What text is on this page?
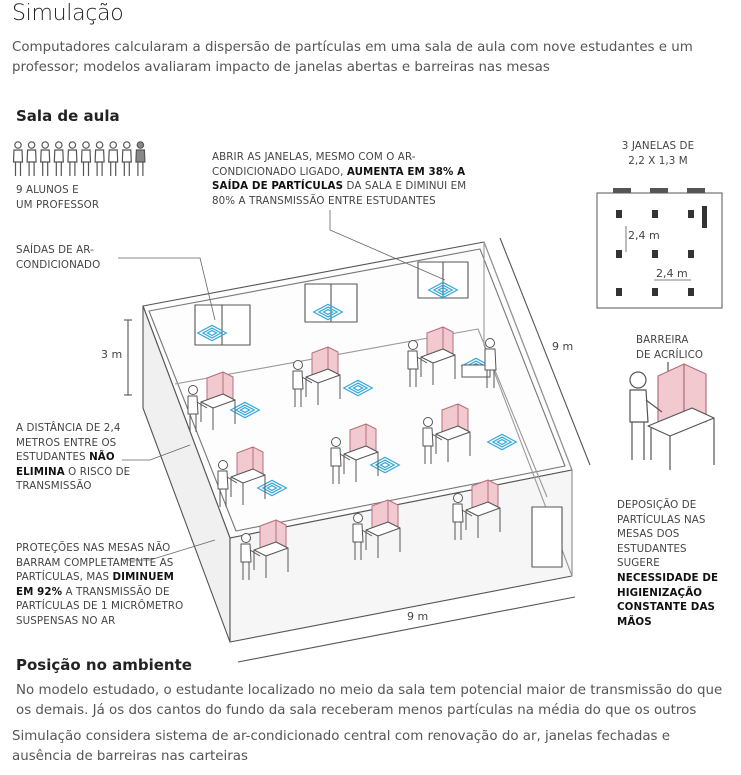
Simulação
Computadores calcularam a dispersão de partículas em uma sala de aula com nove estudantes e um professor; modelos avaliaram impacto de janelas abertas e barreiras nas mesas
Sala de aula
9 ALUNOS E
UM PROFESSOR
ABRIR AS JANELAS, MESMO COM O AR-
CONDICIONADO LIGADO, AUMENTA EM 38% A
SAÍDA DE PARTÍCULAS DA SALA E DIMINUI EM
80% A TRANSMISSÃO ENTRE ESTUDANTES
SAÍDAS DE AR-
CONDICIONADO
A DISTÂNCIA DE 2,4
METROS ENTRE OS
ESTUDANTES NÃO
ELIMINA O RISCO DE
TRANSMISSÃO
PROTEÇÕES NAS MESAS NÃO
BARRAM COMPLETAMENTE AS
PARTÍCULAS, MAS DIMINUEM
EM 92% A TRANSMISSÃO DE
PARTÍCULAS DE 1 MICRÔMETRO
SUSPENSAS NO AR
3 m
9 m
9 m
3 JANELAS DE
2,2 X 1,3 M
2,4 m
2,4 m
BARREIRA
DE ACRÍLICO
DEPOSIÇÃO DE
PARTÍCULAS NAS
MESAS DOS
ESTUDANTES
SUGERE
NECESSIDADE DE
HIGIENIZAÇÃO
CONSTANTE DAS
MÃOS
Posição no ambiente
No modelo estudado, o estudante localizado no meio da sala tem potencial maior de transmissão do que os demais. Já os dos cantos do fundo da sala receberam menos partículas na média do que os outros
Simulação considera sistema de ar-condicionado central com renovação do ar, janelas fechadas e ausência de barreiras nas carteiras
